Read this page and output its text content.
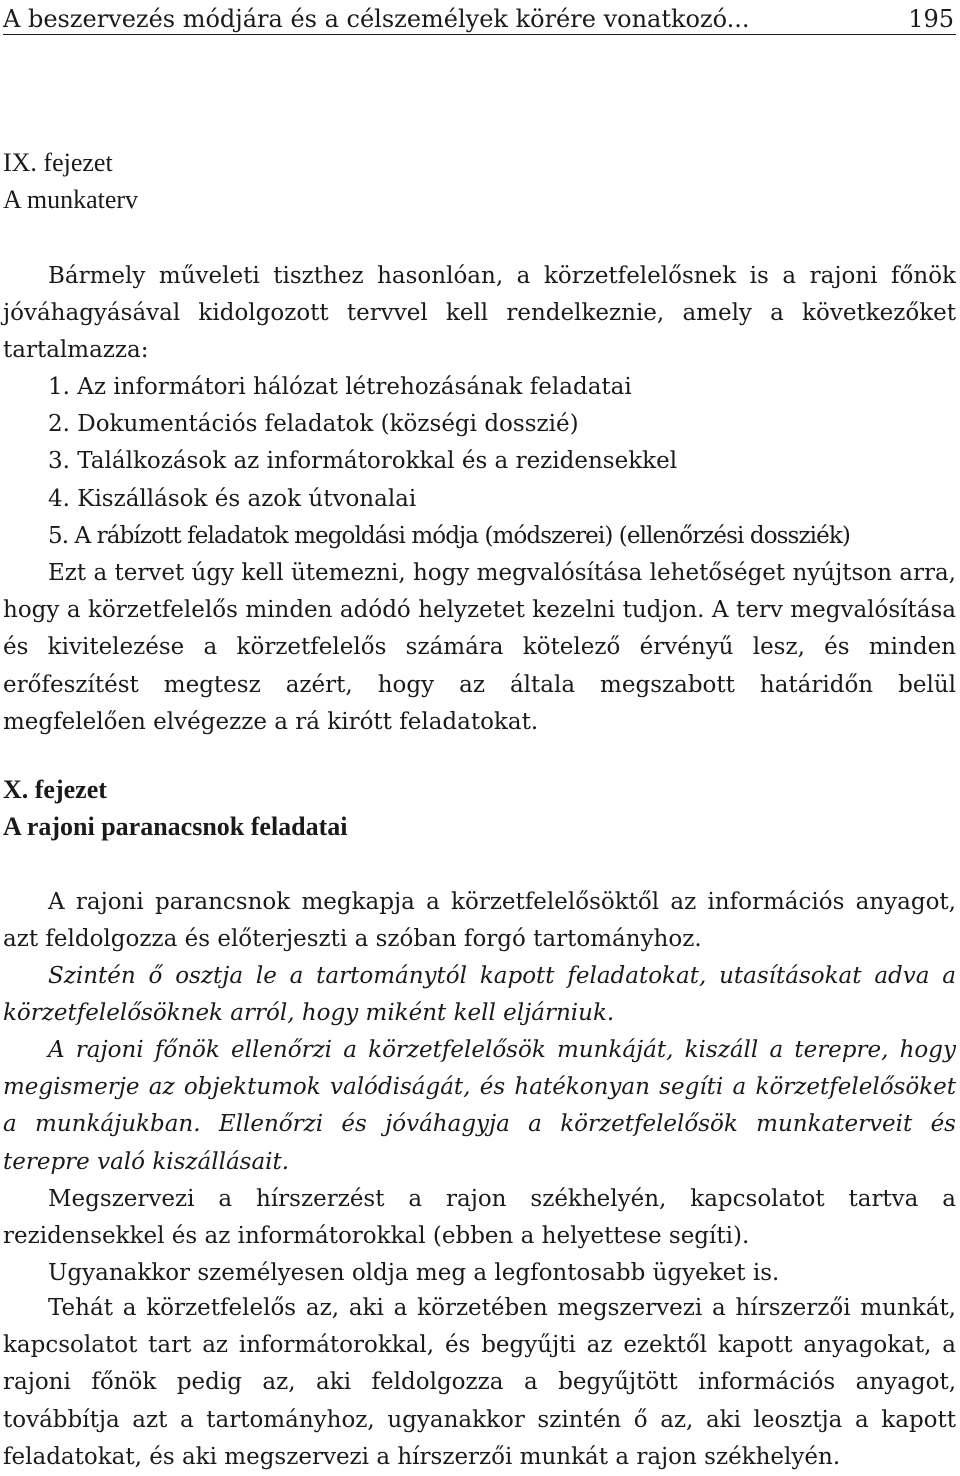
A beszervezés módjára és a célszemélyek körére vonatkozó...	195
IX. fejezet
A munkaterv

Bármely műveleti tiszthez hasonlóan, a körzetfelelősnek is a rajoni főnök jóváhagyásával kidolgozott tervvel kell rendelkeznie, amely a következőket tartalmazza:

1. Az informátori hálózat létrehozásának feladatai
2. Dokumentációs feladatok (községi dosszié)
3. Találkozások az informátorokkal és a rezidensekkel
4. Kiszállások és azok útvonalai
5. A rábízott feladatok megoldási módja (módszerei) (ellenőrzési dossziék)

Ezt a tervet úgy kell ütemezni, hogy megvalósítása lehetőséget nyújtson arra, hogy a körzetfelelős minden adódó helyzetet kezelni tudjon. A terv megvalósítása és kivitelezése a körzetfelelős számára kötelező érvényű lesz, és minden erőfeszítést megtesz azért, hogy az általa megszabott határidőn belül megfelelően elvégezze a rá kirótt feladatokat.

X. fejezet
A rajoni paranacsnok feladatai

A rajoni parancsnok megkapja a körzetfelelősöktől az információs anyagot, azt feldolgozza és előterjeszti a szóban forgó tartományhoz.

Szintén ő osztja le a tartománytól kapott feladatokat, utasításokat adva a körzetfelelősöknek arról, hogy miként kell eljárniuk.

A rajoni főnök ellenőrzi a körzetfelelősök munkáját, kiszáll a terepre, hogy megismerje az objektumok valódiságát, és hatékonyan segíti a körzetfelelősöket a munkájukban. Ellenőrzi és jóváhagyja a körzetfelelősök munkaterveit és terepre való kiszállásait.

Megszervezi a hírszerzést a rajon székhelyén, kapcsolatot tartva a rezidensekkel és az informátorokkal (ebben a helyettese segíti).

Ugyanakkor személyesen oldja meg a legfontosabb ügyeket is.

Tehát a körzetfelelős az, aki a körzetében megszervezi a hírszerzői munkát, kapcsolatot tart az informátorokkal, és begyűjti az ezektől kapott anyagokat, a rajoni főnök pedig az, aki feldolgozza a begyűjtött információs anyagot, továbbítja azt a tartományhoz, ugyanakkor szintén ő az, aki leosztja a kapott feladatokat, és aki megszervezi a hírszerzői munkát a rajon székhelyén.
